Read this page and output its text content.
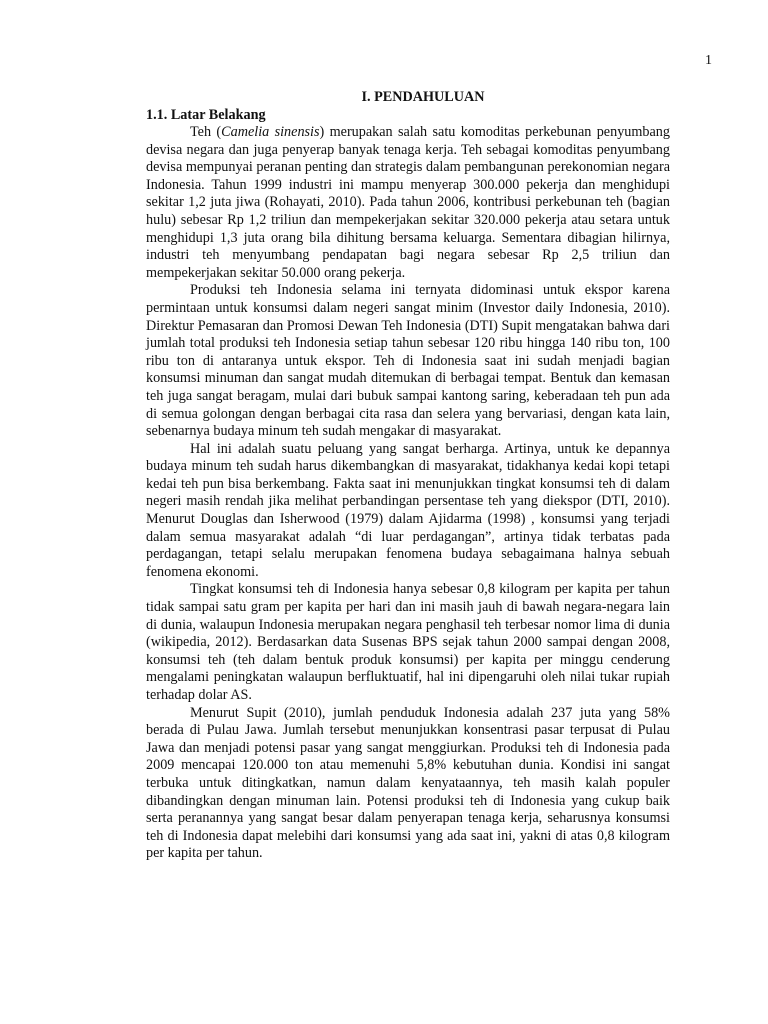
1

I. PENDAHULUAN

1.1. Latar Belakang

Teh (Camelia sinensis) merupakan salah satu komoditas perkebunan penyumbang devisa negara dan juga penyerap banyak tenaga kerja. Teh sebagai komoditas penyumbang devisa mempunyai peranan penting dan strategis dalam pembangunan perekonomian negara Indonesia. Tahun 1999 industri ini mampu menyerap 300.000 pekerja dan menghidupi sekitar 1,2 juta jiwa (Rohayati, 2010). Pada tahun 2006, kontribusi perkebunan teh (bagian hulu) sebesar Rp 1,2 triliun dan mempekerjakan sekitar 320.000 pekerja atau setara untuk menghidupi 1,3 juta orang bila dihitung bersama keluarga. Sementara dibagian hilirnya, industri teh menyumbang pendapatan bagi negara sebesar Rp 2,5 triliun dan mempekerjakan sekitar 50.000 orang pekerja.

Produksi teh Indonesia selama ini ternyata didominasi untuk ekspor karena permintaan untuk konsumsi dalam negeri sangat minim (Investor daily Indonesia, 2010). Direktur Pemasaran dan Promosi Dewan Teh Indonesia (DTI) Supit mengatakan bahwa dari jumlah total produksi teh Indonesia setiap tahun sebesar 120 ribu hingga 140 ribu ton, 100 ribu ton di antaranya untuk ekspor. Teh di Indonesia saat ini sudah menjadi bagian konsumsi minuman dan sangat mudah ditemukan di berbagai tempat. Bentuk dan kemasan teh juga sangat beragam, mulai dari bubuk sampai kantong saring, keberadaan teh pun ada di semua golongan dengan berbagai cita rasa dan selera yang bervariasi, dengan kata lain, sebenarnya budaya minum teh sudah mengakar di masyarakat.

Hal ini adalah suatu peluang yang sangat berharga. Artinya, untuk ke depannya budaya minum teh sudah harus dikembangkan di masyarakat, tidakhanya kedai kopi tetapi kedai teh pun bisa berkembang. Fakta saat ini menunjukkan tingkat konsumsi teh di dalam negeri masih rendah jika melihat perbandingan persentase teh yang diekspor (DTI, 2010). Menurut Douglas dan Isherwood (1979) dalam Ajidarma (1998) , konsumsi yang terjadi dalam semua masyarakat adalah “di luar perdagangan”, artinya tidak terbatas pada perdagangan, tetapi selalu merupakan fenomena budaya sebagaimana halnya sebuah fenomena ekonomi.

Tingkat konsumsi teh di Indonesia hanya sebesar 0,8 kilogram per kapita per tahun tidak sampai satu gram per kapita per hari dan ini masih jauh di bawah negara-negara lain di dunia, walaupun Indonesia merupakan negara penghasil teh terbesar nomor lima di dunia (wikipedia, 2012). Berdasarkan data Susenas BPS sejak tahun 2000 sampai dengan 2008, konsumsi teh (teh dalam bentuk produk konsumsi) per kapita per minggu cenderung mengalami peningkatan walaupun berfluktuatif, hal ini dipengaruhi oleh nilai tukar rupiah terhadap dolar AS.

Menurut Supit (2010), jumlah penduduk Indonesia adalah 237 juta yang 58% berada di Pulau Jawa. Jumlah tersebut menunjukkan konsentrasi pasar terpusat di Pulau Jawa dan menjadi potensi pasar yang sangat menggiurkan. Produksi teh di Indonesia pada 2009 mencapai 120.000 ton atau memenuhi 5,8% kebutuhan dunia. Kondisi ini sangat terbuka untuk ditingkatkan, namun dalam kenyataannya, teh masih kalah populer dibandingkan dengan minuman lain. Potensi produksi teh di Indonesia yang cukup baik serta peranannya yang sangat besar dalam penyerapan tenaga kerja, seharusnya konsumsi teh di Indonesia dapat melebihi dari konsumsi yang ada saat ini, yakni di atas 0,8 kilogram per kapita per tahun.
